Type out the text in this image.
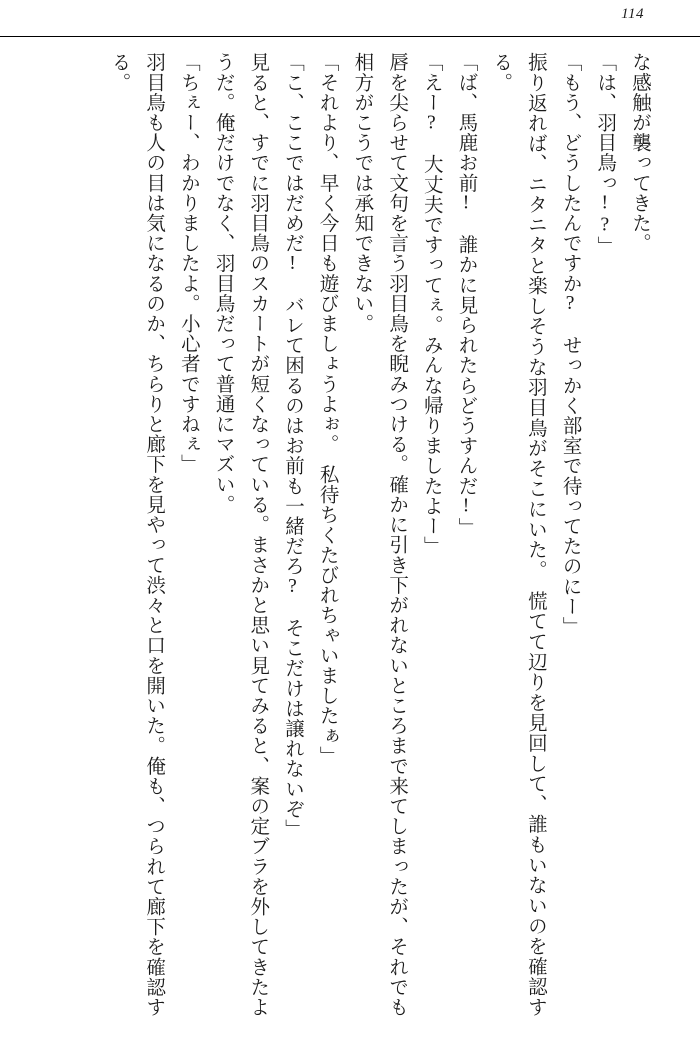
114
な感触が襲ってきた。
「は、羽目鳥っ!?」
「もう、どうしたんですか?　せっかく部室で待ってたのにー」
振り返れば、ニタニタと楽しそうな羽目鳥がそこにいた。　慌てて辺りを見回して、誰もいないのを確認する。
「ば、馬鹿お前!　誰かに見られたらどうすんだ!」
「えー?　大丈夫ですってぇ。みんな帰りましたよー」
唇を尖らせて文句を言う羽目鳥を睨みつける。確かに引き下がれないところまで来てしまったが、それでも相方がこうでは承知できない。
「それより、早く今日も遊びましょうよぉ。　私待ちくたびれちゃいましたぁ」
「こ、ここではだめだ!　バレて困るのはお前も一緒だろ?　そこだけは譲れないぞ」
見ると、すでに羽目鳥のスカートが短くなっている。まさかと思い見てみると、案の定ブラを外してきたようだ。俺だけでなく、羽目鳥だって普通にマズい。
「ちぇー、わかりましたよ。小心者ですねぇ」
羽目鳥も人の目は気になるのか、ちらりと廊下を見やって渋々と口を開いた。俺も、つられて廊下を確認する。
